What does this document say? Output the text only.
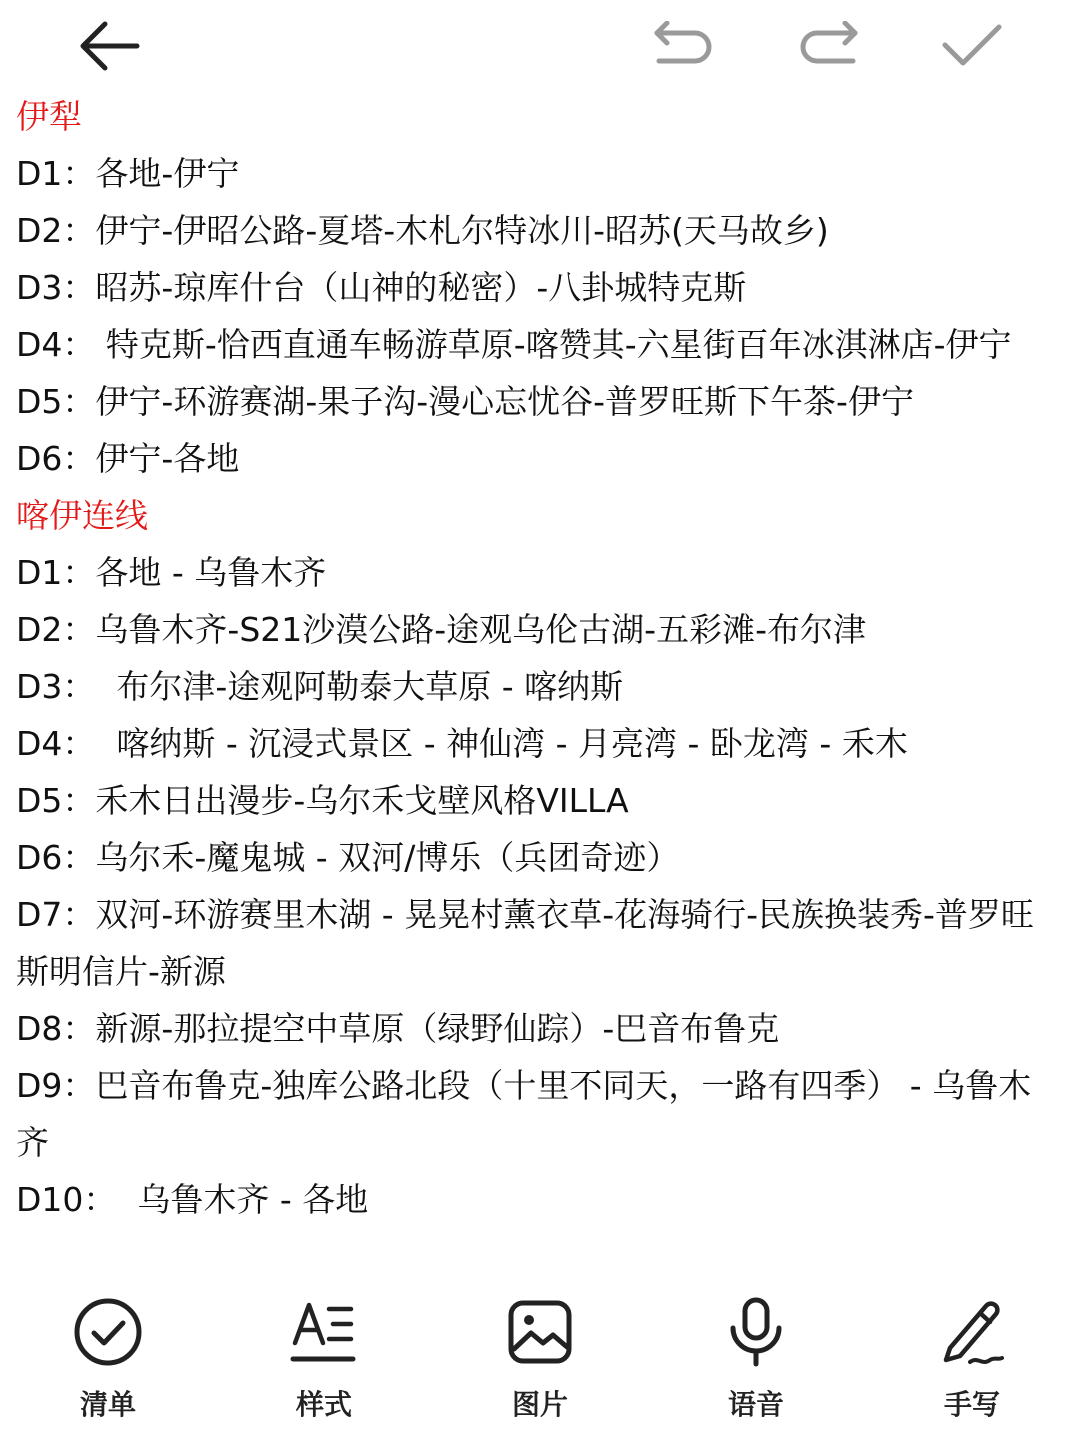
伊犁

D1：各地-伊宁

D2：伊宁-伊昭公路-夏塔-木札尔特冰川-昭苏(天马故乡)

D3：昭苏-琼库什台（山神的秘密）-八卦城特克斯

D4： 特克斯-恰西直通车畅游草原-喀赞其-六星街百年冰淇淋店-伊宁

D5：伊宁-环游赛湖-果子沟-漫心忘忧谷-普罗旺斯下午茶-伊宁

D6：伊宁-各地

喀伊连线

D1：各地 - 乌鲁木齐

D2：乌鲁木齐-S21沙漠公路-途观乌伦古湖-五彩滩-布尔津

D3：  布尔津-途观阿勒泰大草原 - 喀纳斯

D4：  喀纳斯 - 沉浸式景区 - 神仙湾 - 月亮湾 - 卧龙湾 - 禾木

D5：禾木日出漫步-乌尔禾戈壁风格VILLA

D6：乌尔禾-魔鬼城 - 双河/博乐（兵团奇迹）

D7：双河-环游赛里木湖 - 晃晃村薰衣草-花海骑行-民族换装秀-普罗旺斯明信片-新源

D8：新源-那拉提空中草原（绿野仙踪）-巴音布鲁克

D9：巴音布鲁克-独库公路北段（十里不同天，一路有四季） - 乌鲁木齐

D10：  乌鲁木齐 - 各地

清单	样式	图片	语音	手写
